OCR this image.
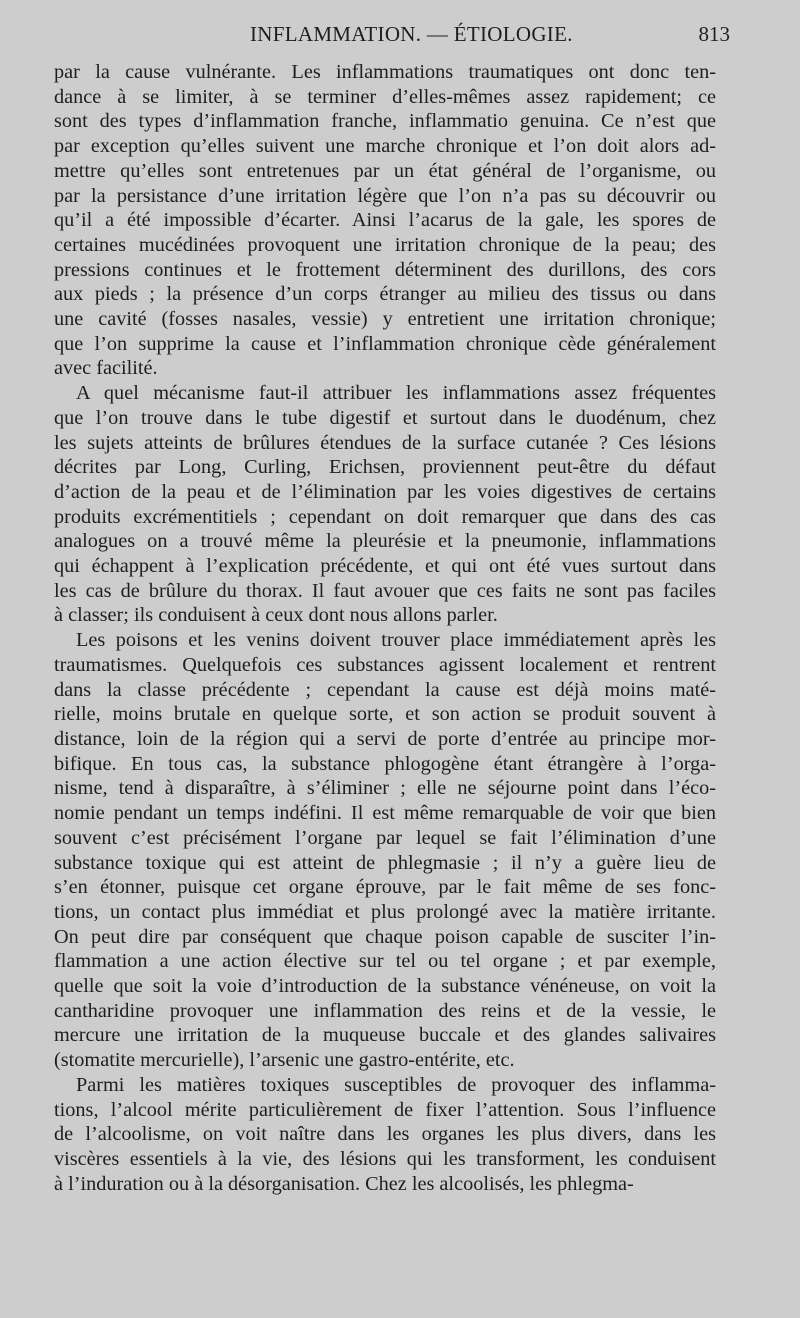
INFLAMMATION. — ÉTIOLOGIE.	813

par la cause vulnérante. Les inflammations traumatiques ont donc ten-
dance à se limiter, à se terminer d’elles-mêmes assez rapidement; ce
sont des types d’inflammation franche, inflammatio genuina. Ce n’est que
par exception qu’elles suivent une marche chronique et l’on doit alors ad-
mettre qu’elles sont entretenues par un état général de l’organisme, ou
par la persistance d’une irritation légère que l’on n’a pas su découvrir ou
qu’il a été impossible d’écarter. Ainsi l’acarus de la gale, les spores de
certaines mucédinées provoquent une irritation chronique de la peau; des
pressions continues et le frottement déterminent des durillons, des cors
aux pieds ; la présence d’un corps étranger au milieu des tissus ou dans
une cavité (fosses nasales, vessie) y entretient une irritation chronique;
que l’on supprime la cause et l’inflammation chronique cède généralement
avec facilité.

A quel mécanisme faut-il attribuer les inflammations assez fréquentes
que l’on trouve dans le tube digestif et surtout dans le duodénum, chez
les sujets atteints de brûlures étendues de la surface cutanée ? Ces lésions
décrites par Long, Curling, Erichsen, proviennent peut-être du défaut
d’action de la peau et de l’élimination par les voies digestives de certains
produits excrémentitiels ; cependant on doit remarquer que dans des cas
analogues on a trouvé même la pleurésie et la pneumonie, inflammations
qui échappent à l’explication précédente, et qui ont été vues surtout dans
les cas de brûlure du thorax. Il faut avouer que ces faits ne sont pas faciles
à classer; ils conduisent à ceux dont nous allons parler.

Les poisons et les venins doivent trouver place immédiatement après les
traumatismes. Quelquefois ces substances agissent localement et rentrent
dans la classe précédente ; cependant la cause est déjà moins maté-
rielle, moins brutale en quelque sorte, et son action se produit souvent à
distance, loin de la région qui a servi de porte d’entrée au principe mor-
bifique. En tous cas, la substance phlogogène étant étrangère à l’orga-
nisme, tend à disparaître, à s’éliminer ; elle ne séjourne point dans l’éco-
nomie pendant un temps indéfini. Il est même remarquable de voir que bien
souvent c’est précisément l’organe par lequel se fait l’élimination d’une
substance toxique qui est atteint de phlegmasie ; il n’y a guère lieu de
s’en étonner, puisque cet organe éprouve, par le fait même de ses fonc-
tions, un contact plus immédiat et plus prolongé avec la matière irritante.
On peut dire par conséquent que chaque poison capable de susciter l’in-
flammation a une action élective sur tel ou tel organe ; et par exemple,
quelle que soit la voie d’introduction de la substance vénéneuse, on voit la
cantharidine provoquer une inflammation des reins et de la vessie, le
mercure une irritation de la muqueuse buccale et des glandes salivaires
(stomatite mercurielle), l’arsenic une gastro-entérite, etc.

Parmi les matières toxiques susceptibles de provoquer des inflamma-
tions, l’alcool mérite particulièrement de fixer l’attention. Sous l’influence
de l’alcoolisme, on voit naître dans les organes les plus divers, dans les
viscères essentiels à la vie, des lésions qui les transforment, les conduisent
à l’induration ou à la désorganisation. Chez les alcoolisés, les phlegma-
